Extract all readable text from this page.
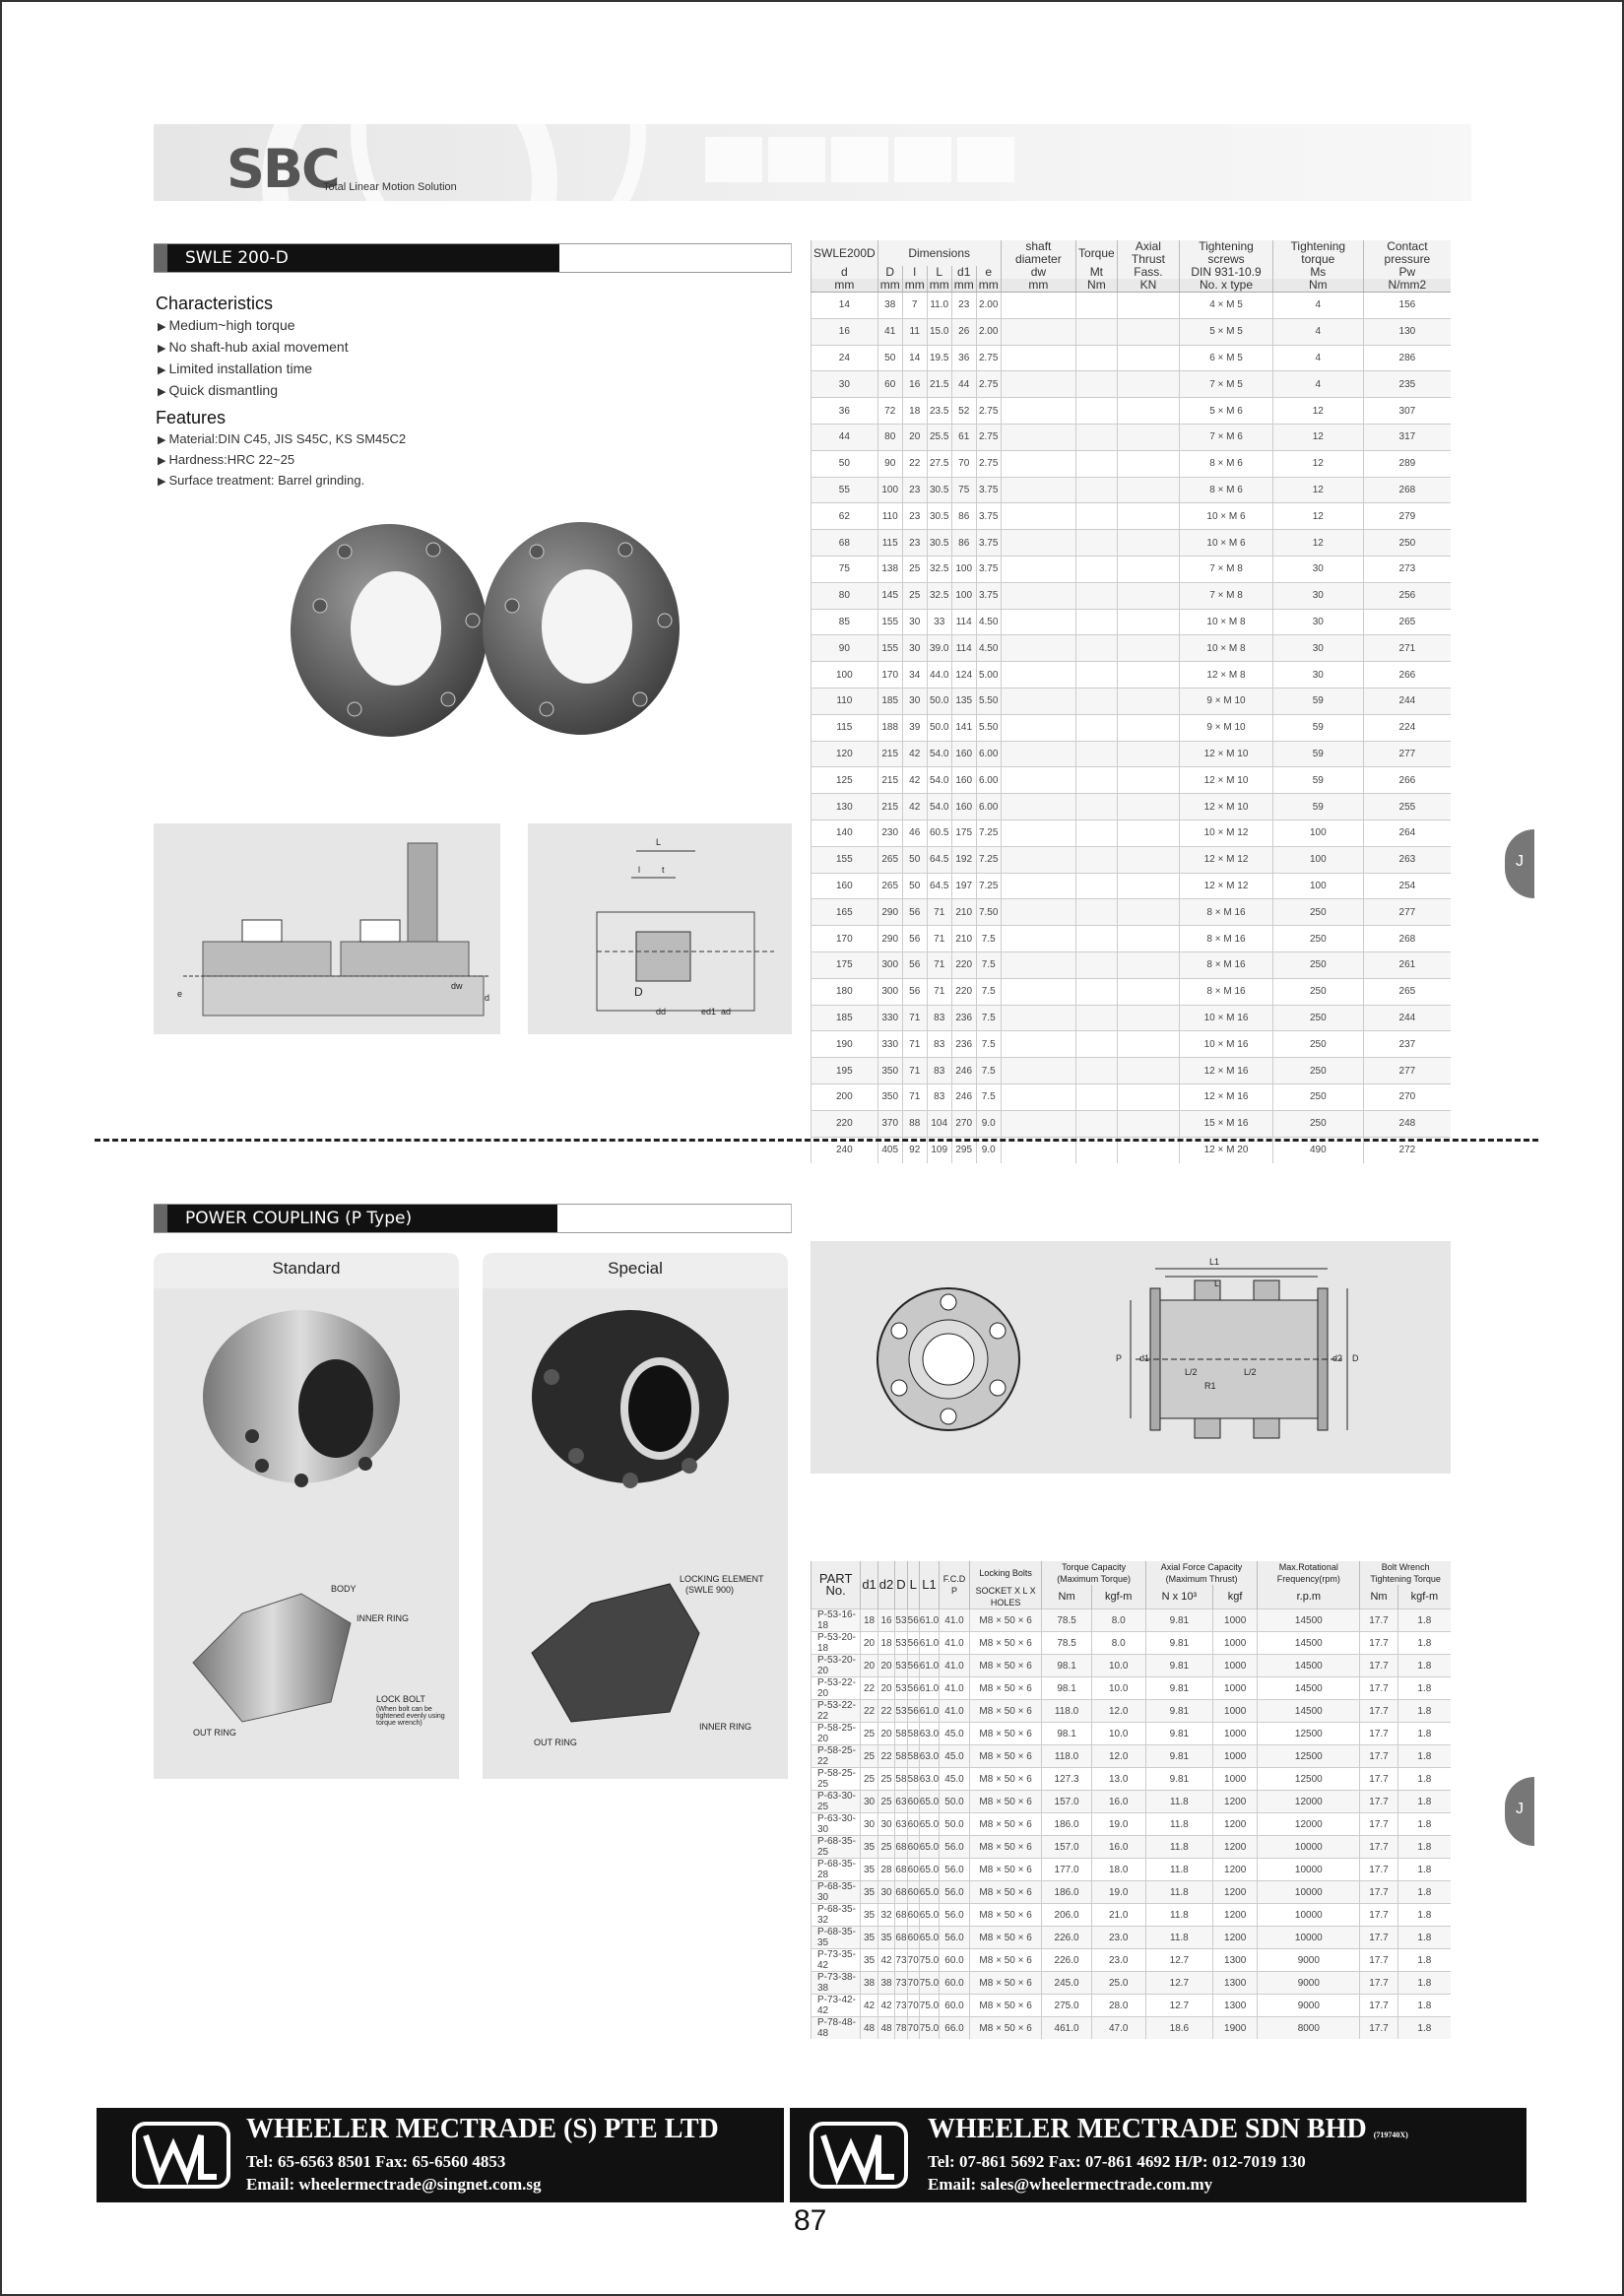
SBC
Total Linear Motion Solution
SWLE 200-D
Characteristics
▶ Medium~high torque
▶ No shaft-hub axial movement
▶ Limited installation time
▶ Quick dismantling
Features
▶ Material:DIN C45, JIS S45C, KS SM45C2
▶ Hardness:HRC 22~25
▶ Surface treatment: Barrel grinding.
e
dw
d
L
l t
D
dd	ed1 ad
SWLE200D	Dimensions					shaft diameter	Torque	Axial Thrust	Tightening screws	Tightening torque	Contact pressure
d	D	l	L	d1	e	dw	Mt	Fass.	DIN 931-10.9	Ms	Pw
mm	mm	mm	mm	mm	mm	mm	Nm	KN	No. x type	Nm	N/mm2
14	38	7	11.0	23	2.00				4 × M 5	4	156
16	41	11	15.0	26	2.00				5 × M 5	4	130
24	50	14	19.5	36	2.75				6 × M 5	4	286
30	60	16	21.5	44	2.75				7 × M 5	4	235
36	72	18	23.5	52	2.75				5 × M 6	12	307
44	80	20	25.5	61	2.75				7 × M 6	12	317
50	90	22	27.5	70	2.75				8 × M 6	12	289
55	100	23	30.5	75	3.75				8 × M 6	12	268
62	110	23	30.5	86	3.75				10 × M 6	12	279
68	115	23	30.5	86	3.75				10 × M 6	12	250
75	138	25	32.5	100	3.75				7 × M 8	30	273
80	145	25	32.5	100	3.75				7 × M 8	30	256
85	155	30	33	114	4.50				10 × M 8	30	265
90	155	30	39.0	114	4.50				10 × M 8	30	271
100	170	34	44.0	124	5.00				12 × M 8	30	266
110	185	30	50.0	135	5.50				9 × M 10	59	244
115	188	39	50.0	141	5.50				9 × M 10	59	224
120	215	42	54.0	160	6.00				12 × M 10	59	277
125	215	42	54.0	160	6.00				12 × M 10	59	266
130	215	42	54.0	160	6.00				12 × M 10	59	255
140	230	46	60.5	175	7.25				10 × M 12	100	264
155	265	50	64.5	192	7.25				12 × M 12	100	263
160	265	50	64.5	197	7.25				12 × M 12	100	254
165	290	56	71	210	7.50				8 × M 16	250	277
170	290	56	71	210	7.5				8 × M 16	250	268
175	300	56	71	220	7.5				8 × M 16	250	261
180	300	56	71	220	7.5				8 × M 16	250	265
185	330	71	83	236	7.5				10 × M 16	250	244
190	330	71	83	236	7.5				10 × M 16	250	237
195	350	71	83	246	7.5				12 × M 16	250	277
200	350	71	83	246	7.5				12 × M 16	250	270
220	370	88	104	270	9.0				15 × M 16	250	248
240	405	92	109	295	9.0				12 × M 20	490	272
POWER COUPLING (P Type)
Standard	Special
BODY
INNER RING
LOCK BOLT
(When bolt can be tightened evenly using torque wrench)
OUT RING
LOCKING ELEMENT
(SWLE 900)
INNER RING
OUT RING
L1
L
P d1	d2 D
L/2	L/2
R1
PART No.	d1	d2	D	L	L1	F.C.D P	Locking Bolts	Torque Capacity (Maximum Torque)		Axial Force Capacity (Maximum Thrust)		Max.Rotational Frequency(rpm)	Bolt Wrench Tightening Torque	
							SOCKET X L X HOLES	Nm	kgf-m	N x 10³	kgf	r.p.m	Nm	kgf-m
P-53-16-18	18	16	53	56	61.0	41.0	M8 × 50 × 6	78.5	8.0	9.81	1000	14500	17.7	1.8
P-53-20-18	20	18	53	56	61.0	41.0	M8 × 50 × 6	78.5	8.0	9.81	1000	14500	17.7	1.8
P-53-20-20	20	20	53	56	61.0	41.0	M8 × 50 × 6	98.1	10.0	9.81	1000	14500	17.7	1.8
P-53-22-20	22	20	53	56	61.0	41.0	M8 × 50 × 6	98.1	10.0	9.81	1000	14500	17.7	1.8
P-53-22-22	22	22	53	56	61.0	41.0	M8 × 50 × 6	118.0	12.0	9.81	1000	14500	17.7	1.8
P-58-25-20	25	20	58	58	63.0	45.0	M8 × 50 × 6	98.1	10.0	9.81	1000	12500	17.7	1.8
P-58-25-22	25	22	58	58	63.0	45.0	M8 × 50 × 6	118.0	12.0	9.81	1000	12500	17.7	1.8
P-58-25-25	25	25	58	58	63.0	45.0	M8 × 50 × 6	127.3	13.0	9.81	1000	12500	17.7	1.8
P-63-30-25	30	25	63	60	65.0	50.0	M8 × 50 × 6	157.0	16.0	11.8	1200	12000	17.7	1.8
P-63-30-30	30	30	63	60	65.0	50.0	M8 × 50 × 6	186.0	19.0	11.8	1200	12000	17.7	1.8
P-68-35-25	35	25	68	60	65.0	56.0	M8 × 50 × 6	157.0	16.0	11.8	1200	10000	17.7	1.8
P-68-35-28	35	28	68	60	65.0	56.0	M8 × 50 × 6	177.0	18.0	11.8	1200	10000	17.7	1.8
P-68-35-30	35	30	68	60	65.0	56.0	M8 × 50 × 6	186.0	19.0	11.8	1200	10000	17.7	1.8
P-68-35-32	35	32	68	60	65.0	56.0	M8 × 50 × 6	206.0	21.0	11.8	1200	10000	17.7	1.8
P-68-35-35	35	35	68	60	65.0	56.0	M8 × 50 × 6	226.0	23.0	11.8	1200	10000	17.7	1.8
P-73-35-42	35	42	73	70	75.0	60.0	M8 × 50 × 6	226.0	23.0	12.7	1300	9000	17.7	1.8
P-73-38-38	38	38	73	70	75.0	60.0	M8 × 50 × 6	245.0	25.0	12.7	1300	9000	17.7	1.8
P-73-42-42	42	42	73	70	75.0	60.0	M8 × 50 × 6	275.0	28.0	12.7	1300	9000	17.7	1.8
P-78-48-48	48	48	78	70	75.0	66.0	M8 × 50 × 6	461.0	47.0	18.6	1900	8000	17.7	1.8
J
J
WHEELER MECTRADE (S) PTE LTD
Tel: 65-6563 8501 Fax: 65-6560 4853
Email: wheelermectrade@singnet.com.sg
WHEELER MECTRADE SDN BHD (719740X)
Tel: 07-861 5692 Fax: 07-861 4692 H/P: 012-7019 130
Email: sales@wheelermectrade.com.my
87
